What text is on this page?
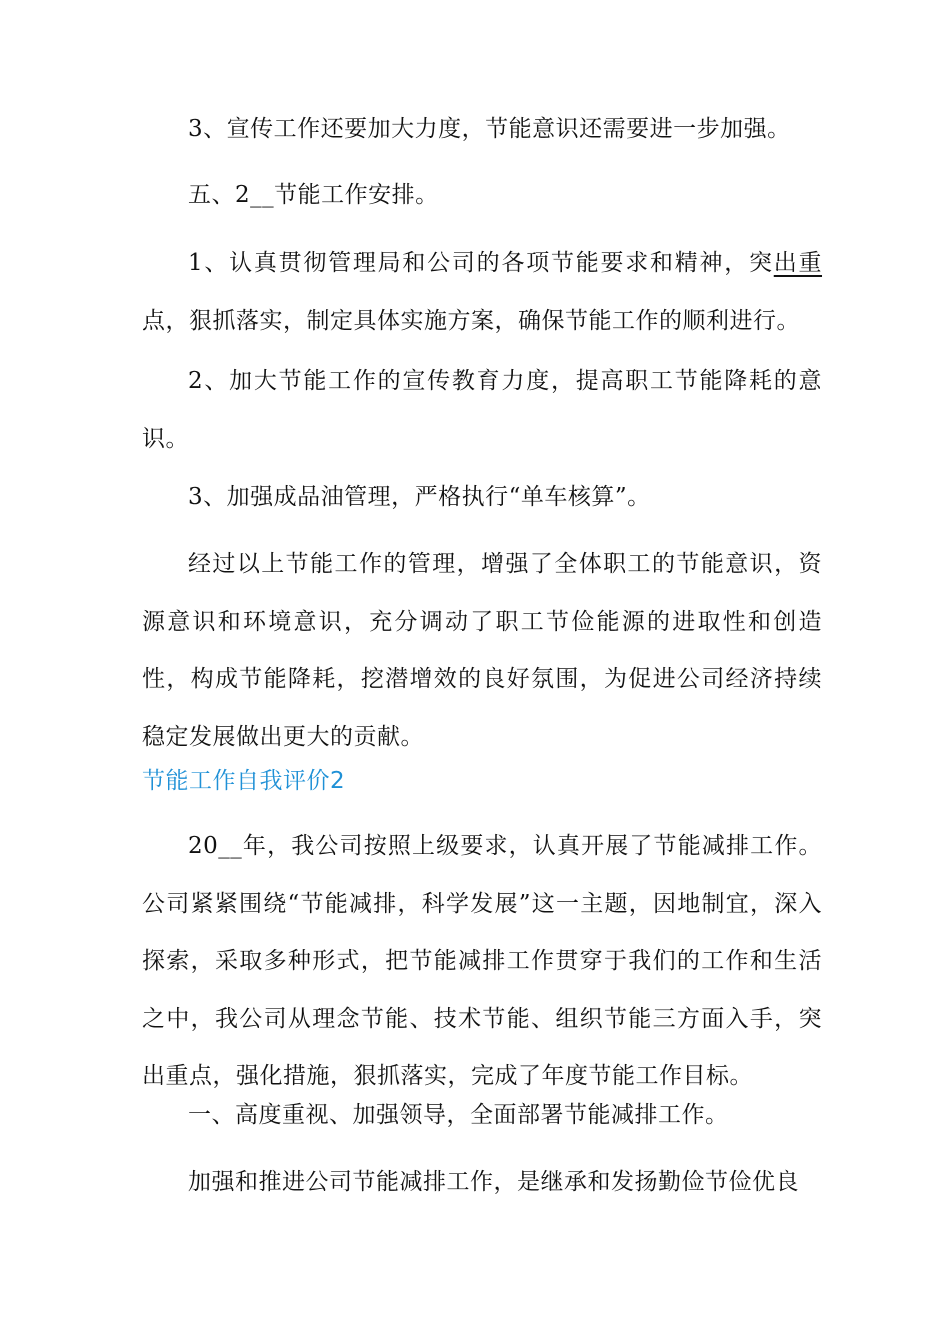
3、宣传工作还要加大力度，节能意识还需要进一步加强。

五、2__节能工作安排。

1、认真贯彻管理局和公司的各项节能要求和精神，突出重点，狠抓落实，制定具体实施方案，确保节能工作的顺利进行。

2、加大节能工作的宣传教育力度，提高职工节能降耗的意识。

3、加强成品油管理，严格执行“单车核算”。

经过以上节能工作的管理，增强了全体职工的节能意识，资源意识和环境意识，充分调动了职工节俭能源的进取性和创造性，构成节能降耗，挖潜增效的良好氛围，为促进公司经济持续稳定发展做出更大的贡献。

节能工作自我评价2

20__年，我公司按照上级要求，认真开展了节能减排工作。公司紧紧围绕“节能减排，科学发展”这一主题，因地制宜，深入探索，采取多种形式，把节能减排工作贯穿于我们的工作和生活之中，我公司从理念节能、技术节能、组织节能三方面入手，突出重点，强化措施，狠抓落实，完成了年度节能工作目标。

一、高度重视、加强领导，全面部署节能减排工作。

加强和推进公司节能减排工作，是继承和发扬勤俭节俭优良
